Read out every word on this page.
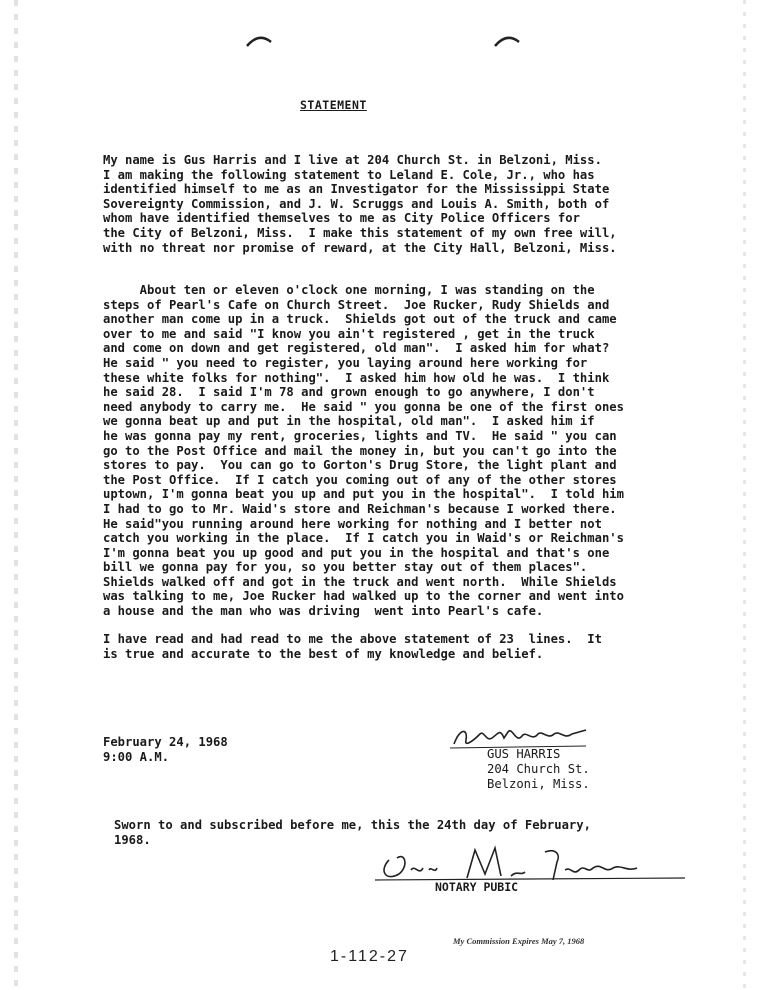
STATEMENT
My name is Gus Harris and I live at 204 Church St. in Belzoni, Miss.
I am making the following statement to Leland E. Cole, Jr., who has
identified himself to me as an Investigator for the Mississippi State
Sovereignty Commission, and J. W. Scruggs and Louis A. Smith, both of
whom have identified themselves to me as City Police Officers for
the City of Belzoni, Miss.  I make this statement of my own free will,
with no threat nor promise of reward, at the City Hall, Belzoni, Miss.
About ten or eleven o'clock one morning, I was standing on the
steps of Pearl's Cafe on Church Street.  Joe Rucker, Rudy Shields and
another man come up in a truck.  Shields got out of the truck and came
over to me and said "I know you ain't registered , get in the truck
and come on down and get registered, old man".  I asked him for what?
He said " you need to register, you laying around here working for
these white folks for nothing".  I asked him how old he was.  I think
he said 28.  I said I'm 78 and grown enough to go anywhere, I don't
need anybody to carry me.  He said " you gonna be one of the first ones
we gonna beat up and put in the hospital, old man".  I asked him if
he was gonna pay my rent, groceries, lights and TV.  He said " you can
go to the Post Office and mail the money in, but you can't go into the
stores to pay.  You can go to Gorton's Drug Store, the light plant and
the Post Office.  If I catch you coming out of any of the other stores
uptown, I'm gonna beat you up and put you in the hospital".  I told him
I had to go to Mr. Waid's store and Reichman's because I worked there.
He said"you running around here working for nothing and I better not
catch you working in the place.  If I catch you in Waid's or Reichman's
I'm gonna beat you up good and put you in the hospital and that's one
bill we gonna pay for you, so you better stay out of them places".
Shields walked off and got in the truck and went north.  While Shields
was talking to me, Joe Rucker had walked up to the corner and went into
a house and the man who was driving  went into Pearl's cafe.
I have read and had read to me the above statement of 23  lines.  It
is true and accurate to the best of my knowledge and belief.
February 24, 1968
9:00 A.M.	GUS HARRIS
204 Church St.
Belzoni, Miss.
Sworn to and subscribed before me, this the 24th day of February,
1968.
NOTARY PUBIC
My Commission Expires May 7, 1968
1-112-27
